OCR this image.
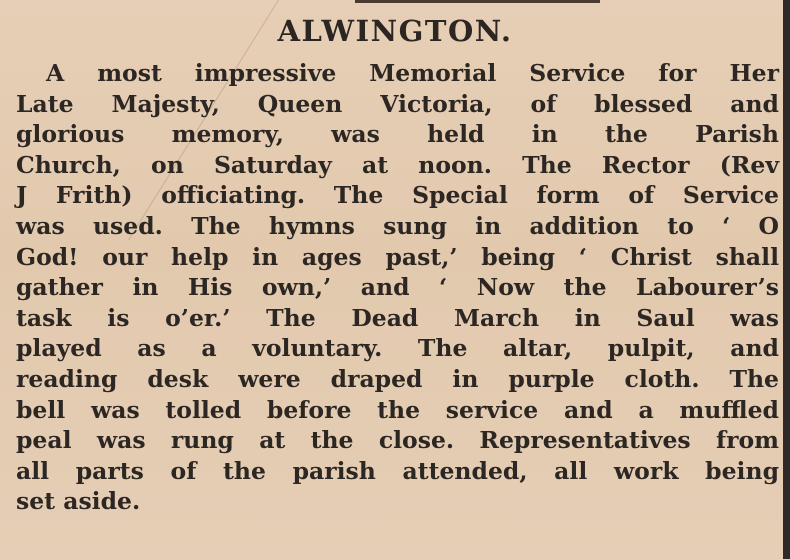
ALWINGTON.
A most impressive Memorial Service for Her
Late Majesty, Queen Victoria, of blessed and
glorious memory, was held in the Parish
Church, on Saturday at noon. The Rector (Rev
J Frith) officiating. The Special form of Service
was used. The hymns sung in addition to ‘ O
God! our help in ages past,’ being ‘ Christ shall
gather in His own,’ and ‘ Now the Labourer’s
task is o’er.’ The Dead March in Saul was
played as a voluntary. The altar, pulpit, and
reading desk were draped in purple cloth. The
bell was tolled before the service and a muffled
peal was rung at the close. Representatives from
all parts of the parish attended, all work being
set aside.
